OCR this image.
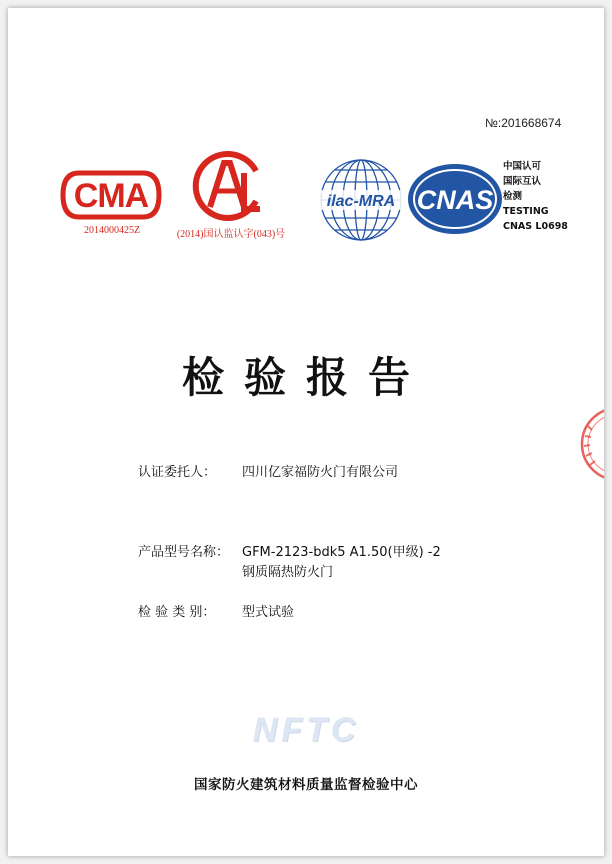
№:201668674
CMA
2014000425Z	(2014)国认监认字(043)号
ilac-MRA CNAS
中国认可
国际互认
检测
TESTING
CNAS L0698
检验报告
认证委托人：	四川亿家福防火门有限公司
产品型号名称： GFM-2123-bdk5 A1.50(甲级) -2
钢质隔热防火门
检 验 类 别：	型式试验
NFTC
国家防火建筑材料质量监督检验中心
